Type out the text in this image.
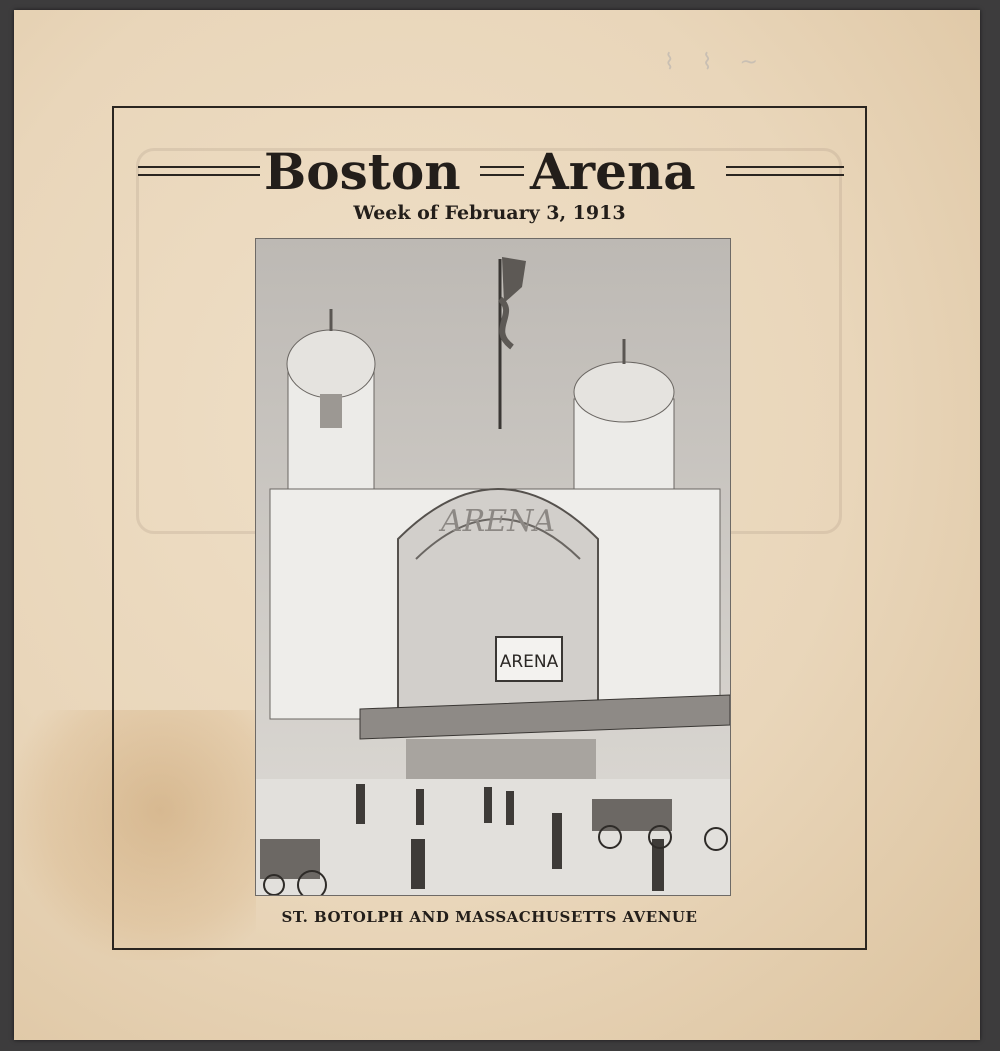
⌇ ⌇ ~
Boston Arena
Week of February 3, 1913
ARENA
ARENA
ST. BOTOLPH AND MASSACHUSETTS AVENUE
